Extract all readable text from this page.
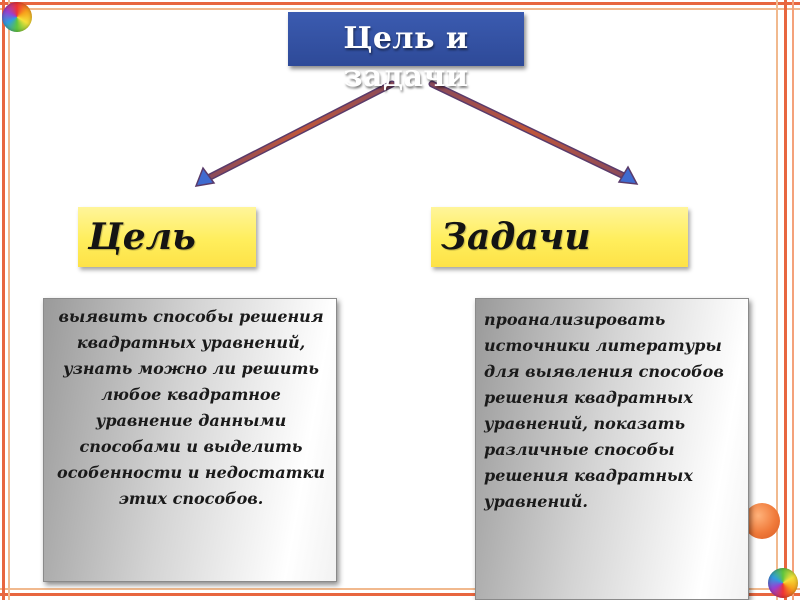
Цель и задачи
Цель	Задачи
выявить способы решения квадратных уравнений, узнать можно ли решить любое квадратное уравнение данными способами и выделить особенности и недостатки этих способов.
проанализировать источники литературы для выявления способов решения квадратных уравнений, показать различные способы решения квадратных уравнений.
